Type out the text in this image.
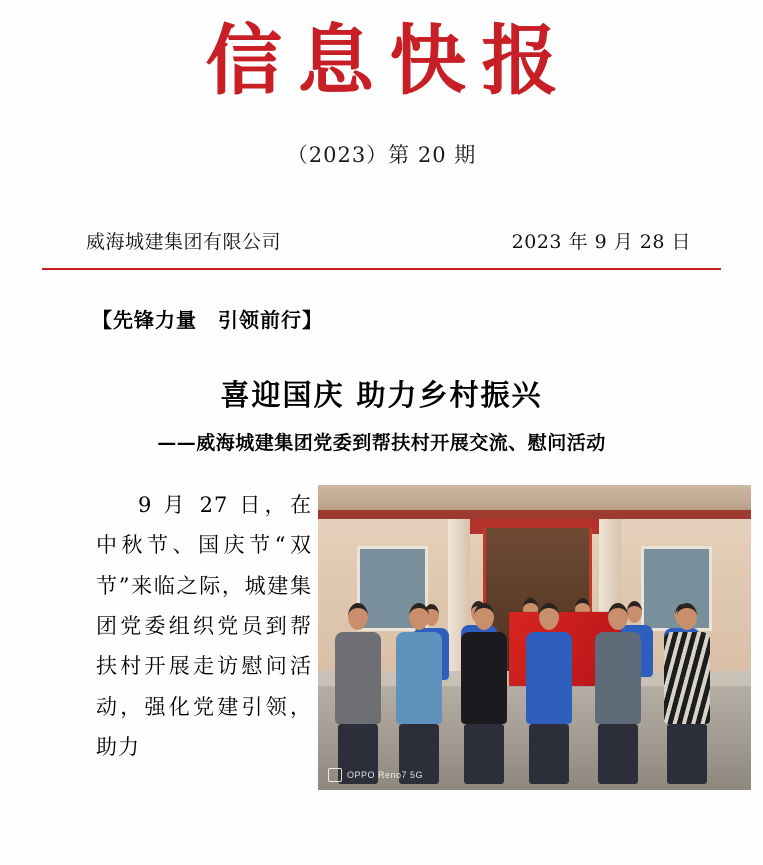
信息快报
（2023）第 20 期
威海城建集团有限公司	2023 年 9 月 28 日
【先锋力量　引领前行】
喜迎国庆 助力乡村振兴
——威海城建集团党委到帮扶村开展交流、慰问活动
9 月 27 日，在中秋节、国庆节“双节”来临之际，城建集团党委组织党员到帮扶村开展走访慰问活动，强化党建引领，助力
OPPO Reno7 5G
